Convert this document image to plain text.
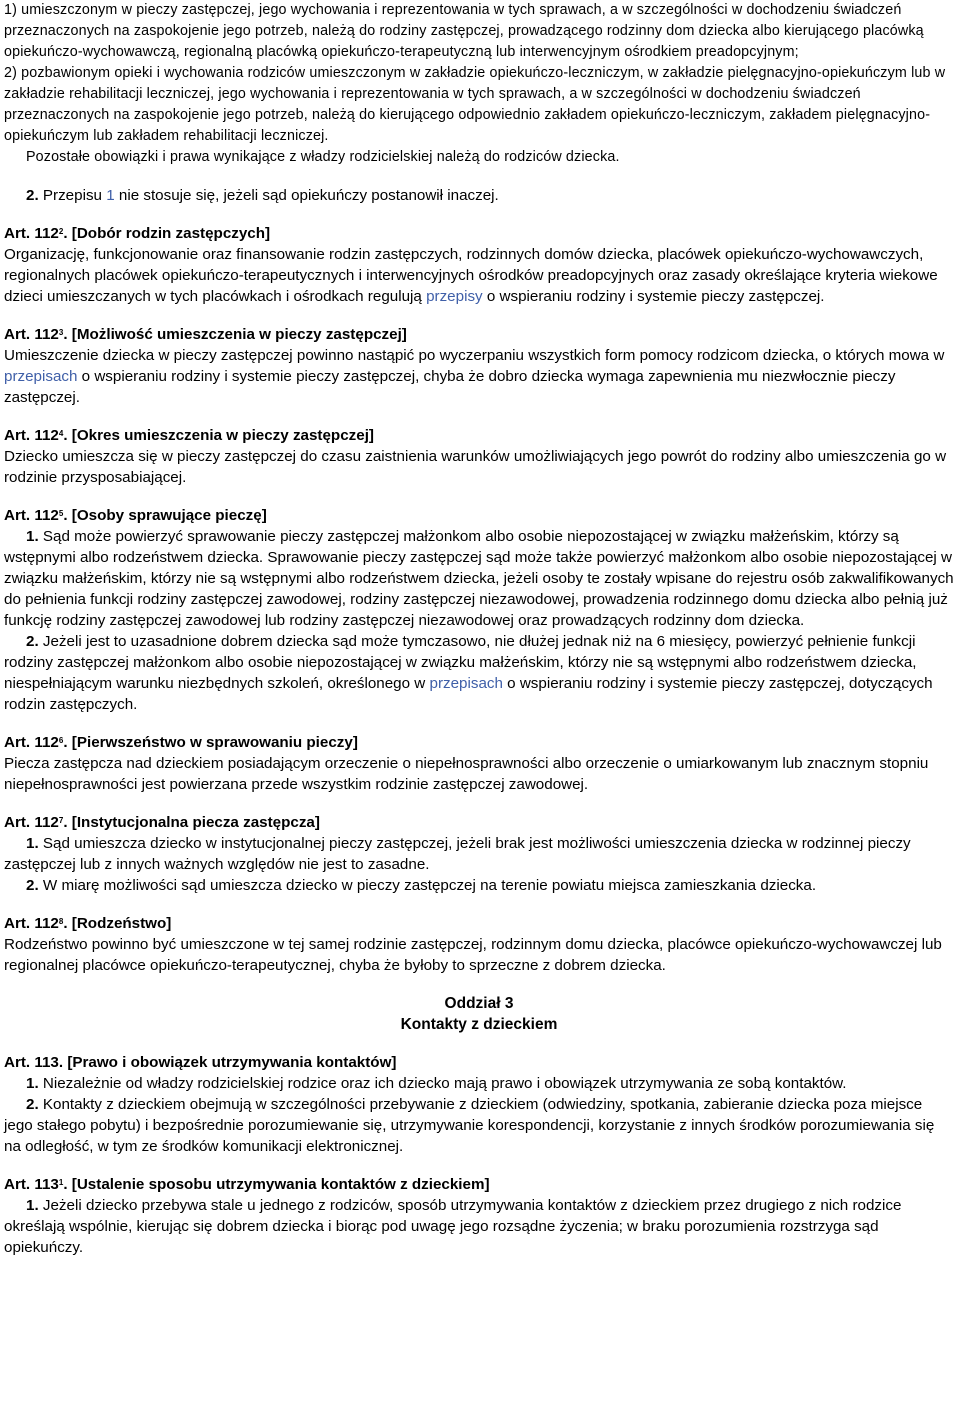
1) umieszczonym w pieczy zastępczej, jego wychowania i reprezentowania w tych sprawach, a w szczególności w dochodzeniu świadczeń przeznaczonych na zaspokojenie jego potrzeb, należą do rodziny zastępczej, prowadzącego rodzinny dom dziecka albo kierującego placówką opiekuńczo-wychowawczą, regionalną placówką opiekuńczo-terapeutyczną lub interwencyjnym ośrodkiem preadopcyjnym;
2) pozbawionym opieki i wychowania rodziców umieszczonym w zakładzie opiekuńczo-leczniczym, w zakładzie pielęgnacyjno-opiekuńczym lub w zakładzie rehabilitacji leczniczej, jego wychowania i reprezentowania w tych sprawach, a w szczególności w dochodzeniu świadczeń przeznaczonych na zaspokojenie jego potrzeb, należą do kierującego odpowiednio zakładem opiekuńczo-leczniczym, zakładem pielęgnacyjno-opiekuńczym lub zakładem rehabilitacji leczniczej.
Pozostałe obowiązki i prawa wynikające z władzy rodzicielskiej należą do rodziców dziecka.
2. Przepisu 1 nie stosuje się, jeżeli sąd opiekuńczy postanowił inaczej.
Art. $112^2$. [Dobór rodzin zastępczych]
Organizację, funkcjonowanie oraz finansowanie rodzin zastępczych, rodzinnych domów dziecka, placówek opiekuńczo-wychowawczych, regionalnych placówek opiekuńczo-terapeutycznych i interwencyjnych ośrodków preadopcyjnych oraz zasady określające kryteria wiekowe dzieci umieszczanych w tych placówkach i ośrodkach regulują przepisy o wspieraniu rodziny i systemie pieczy zastępczej.
Art. $112^3$. [Możliwość umieszczenia w pieczy zastępczej]
Umieszczenie dziecka w pieczy zastępczej powinno nastąpić po wyczerpaniu wszystkich form pomocy rodzicom dziecka, o których mowa w przepisach o wspieraniu rodziny i systemie pieczy zastępczej, chyba że dobro dziecka wymaga zapewnienia mu niezwłocznie pieczy zastępczej.
Art. $112^4$. [Okres umieszczenia w pieczy zastępczej]
Dziecko umieszcza się w pieczy zastępczej do czasu zaistnienia warunków umożliwiających jego powrót do rodziny albo umieszczenia go w rodzinie przysposabiającej.
Art. $112^5$. [Osoby sprawujące pieczę]
1. Sąd może powierzyć sprawowanie pieczy zastępczej małżonkom albo osobie niepozostającej w związku małżeńskim, którzy są wstępnymi albo rodzeństwem dziecka. Sprawowanie pieczy zastępczej sąd może także powierzyć małżonkom albo osobie niepozostającej w związku małżeńskim, którzy nie są wstępnymi albo rodzeństwem dziecka, jeżeli osoby te zostały wpisane do rejestru osób zakwalifikowanych do pełnienia funkcji rodziny zastępczej zawodowej, rodziny zastępczej niezawodowej, prowadzenia rodzinnego domu dziecka albo pełnią już funkcję rodziny zastępczej zawodowej lub rodziny zastępczej niezawodowej oraz prowadzących rodzinny dom dziecka.
2. Jeżeli jest to uzasadnione dobrem dziecka sąd może tymczasowo, nie dłużej jednak niż na 6 miesięcy, powierzyć pełnienie funkcji rodziny zastępczej małżonkom albo osobie niepozostającej w związku małżeńskim, którzy nie są wstępnymi albo rodzeństwem dziecka, niespełniającym warunku niezbędnych szkoleń, określonego w przepisach o wspieraniu rodziny i systemie pieczy zastępczej, dotyczących rodzin zastępczych.
Art. $112^6$. [Pierwszeństwo w sprawowaniu pieczy]
Piecza zastępcza nad dzieckiem posiadającym orzeczenie o niepełnosprawności albo orzeczenie o umiarkowanym lub znacznym stopniu niepełnosprawności jest powierzana przede wszystkim rodzinie zastępczej zawodowej.
Art. $112^7$. [Instytucjonalna piecza zastępcza]
1. Sąd umieszcza dziecko w instytucjonalnej pieczy zastępczej, jeżeli brak jest możliwości umieszczenia dziecka w rodzinnej pieczy zastępczej lub z innych ważnych względów nie jest to zasadne.
2. W miarę możliwości sąd umieszcza dziecko w pieczy zastępczej na terenie powiatu miejsca zamieszkania dziecka.
Art. $112^8$. [Rodzeństwo]
Rodzeństwo powinno być umieszczone w tej samej rodzinie zastępczej, rodzinnym domu dziecka, placówce opiekuńczo-wychowawczej lub regionalnej placówce opiekuńczo-terapeutycznej, chyba że byłoby to sprzeczne z dobrem dziecka.
Oddział 3
Kontakty z dzieckiem
Art. 113. [Prawo i obowiązek utrzymywania kontaktów]
1. Niezależnie od władzy rodzicielskiej rodzice oraz ich dziecko mają prawo i obowiązek utrzymywania ze sobą kontaktów.
2. Kontakty z dzieckiem obejmują w szczególności przebywanie z dzieckiem (odwiedziny, spotkania, zabieranie dziecka poza miejsce jego stałego pobytu) i bezpośrednie porozumiewanie się, utrzymywanie korespondencji, korzystanie z innych środków porozumiewania się na odległość, w tym ze środków komunikacji elektronicznej.
Art. $113^1$. [Ustalenie sposobu utrzymywania kontaktów z dzieckiem]
1. Jeżeli dziecko przebywa stale u jednego z rodziców, sposób utrzymywania kontaktów z dzieckiem przez drugiego z nich rodzice określają wspólnie, kierując się dobrem dziecka i biorąc pod uwagę jego rozsądne życzenia; w braku porozumienia rozstrzyga sąd opiekuńczy.
